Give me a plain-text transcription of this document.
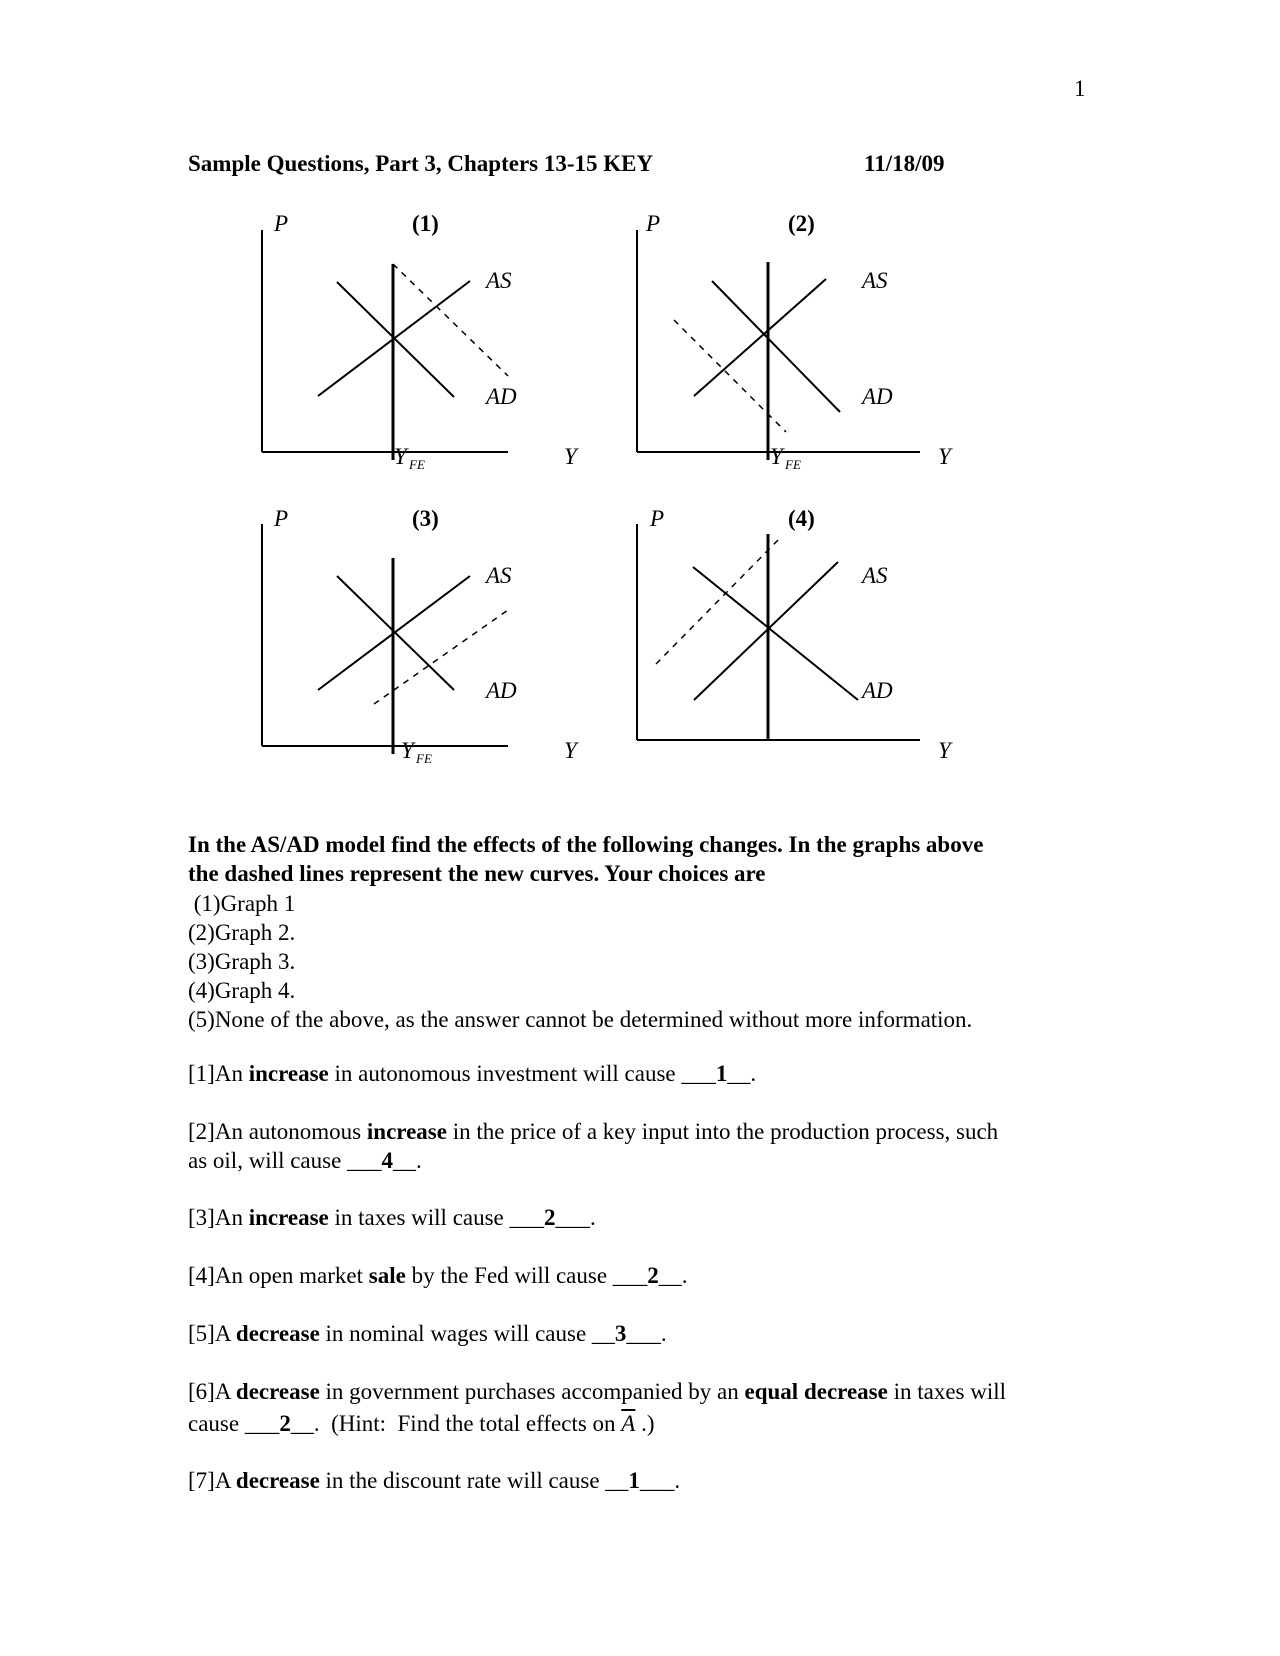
1
Sample Questions, Part 3, Chapters 13-15 KEY	11/18/09
P	(1)
AS
AD
Y
Y FE
P	(2)
AS
AD
Y
Y FE
P	(3)
AS
AD
Y
Y FE
P	(4)
AS
AD
Y
In the AS/AD model find the effects of the following changes. In the graphs above
the dashed lines represent the new curves. Your choices are
(1)Graph 1
(2)Graph 2.
(3)Graph 3.
(4)Graph 4.
(5)None of the above, as the answer cannot be determined without more information.
[1]An increase in autonomous investment will cause ___1__.
[2]An autonomous increase in the price of a key input into the production process, such
as oil, will cause ___4__.
[3]An increase in taxes will cause ___2___.
[4]An open market sale by the Fed will cause ___2__.
[5]A decrease in nominal wages will cause __3___.
[6]A decrease in government purchases accompanied by an equal decrease in taxes will
cause ___2__.  (Hint:  Find the total effects on $\overline{A}$ .)
[7]A decrease in the discount rate will cause __1___.
